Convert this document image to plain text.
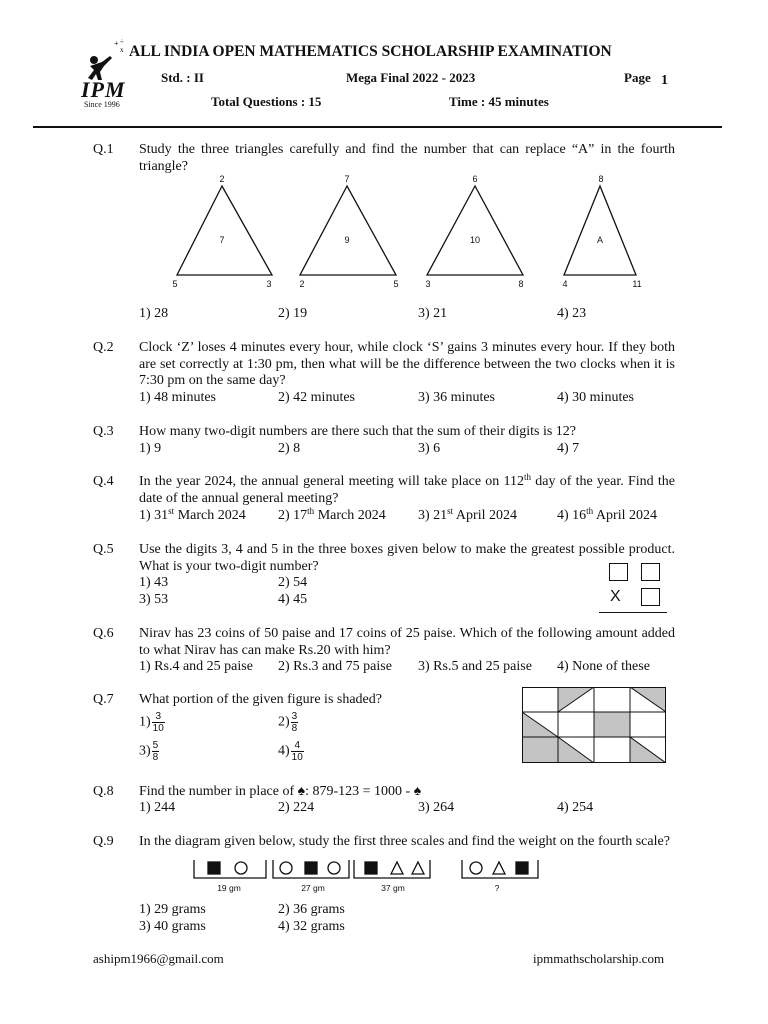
+ ÷
x
IPM
Since 1996
ALL INDIA OPEN MATHEMATICS SCHOLARSHIP EXAMINATION
Std. : II	Mega Final 2022 - 2023	Page 1
Total Questions : 15	Time : 45 minutes
Q.1 Study the three triangles carefully and find the number that can replace “A” in the fourth triangle?
2
7
5	3
7
9
2	5
6
10
3	8
8
A
4	11
1) 28	2) 19	3) 21	4) 23
Q.2 Clock ‘Z’ loses 4 minutes every hour, while clock ‘S’ gains 3 minutes every hour. If they both are set correctly at 1:30 pm, then what will be the difference between the two clocks when it is 7:30 pm on the same day?
1) 48 minutes	2) 42 minutes	3) 36 minutes	4) 30 minutes
Q.3 How many two-digit numbers are there such that the sum of their digits is 12?
1) 9	2) 8	3) 6	4) 7
Q.4 In the year 2024, the annual general meeting will take place on 112th day of the year. Find the date of the annual general meeting?
1) 31st March 2024 2) 17th March 2024 3) 21st April 2024	4) 16th April 2024
Q.5 Use the digits 3, 4 and 5 in the three boxes given below to make the greatest possible product. What is your two-digit number?
1) 43	2) 54
3) 53	4) 45	X
Q.6 Nirav has 23 coins of 50 paise and 17 coins of 25 paise. Which of the following amount added to what Nirav has can make Rs.20 with him?
1) Rs.4 and 25 paise 2) Rs.3 and 75 paise 3) Rs.5 and 25 paise 4) None of these
Q.7 What portion of the given figure is shaded?
$1) \frac{3}{10}$	$2) \frac{3}{8}$
$3) \frac{5}{8}$	$4) \frac{4}{10}$
Q.8 Find the number in place of ♠: 879-123 = 1000 - ♠
1) 244	2) 224	3) 264	4) 254
Q.9 In the diagram given below, study the first three scales and find the weight on the fourth scale?
19 gm	27 gm	37 gm	?
1) 29 grams	2) 36 grams
3) 40 grams	4) 32 grams
ashipm1966@gmail.com	ipmmathscholarship.com
